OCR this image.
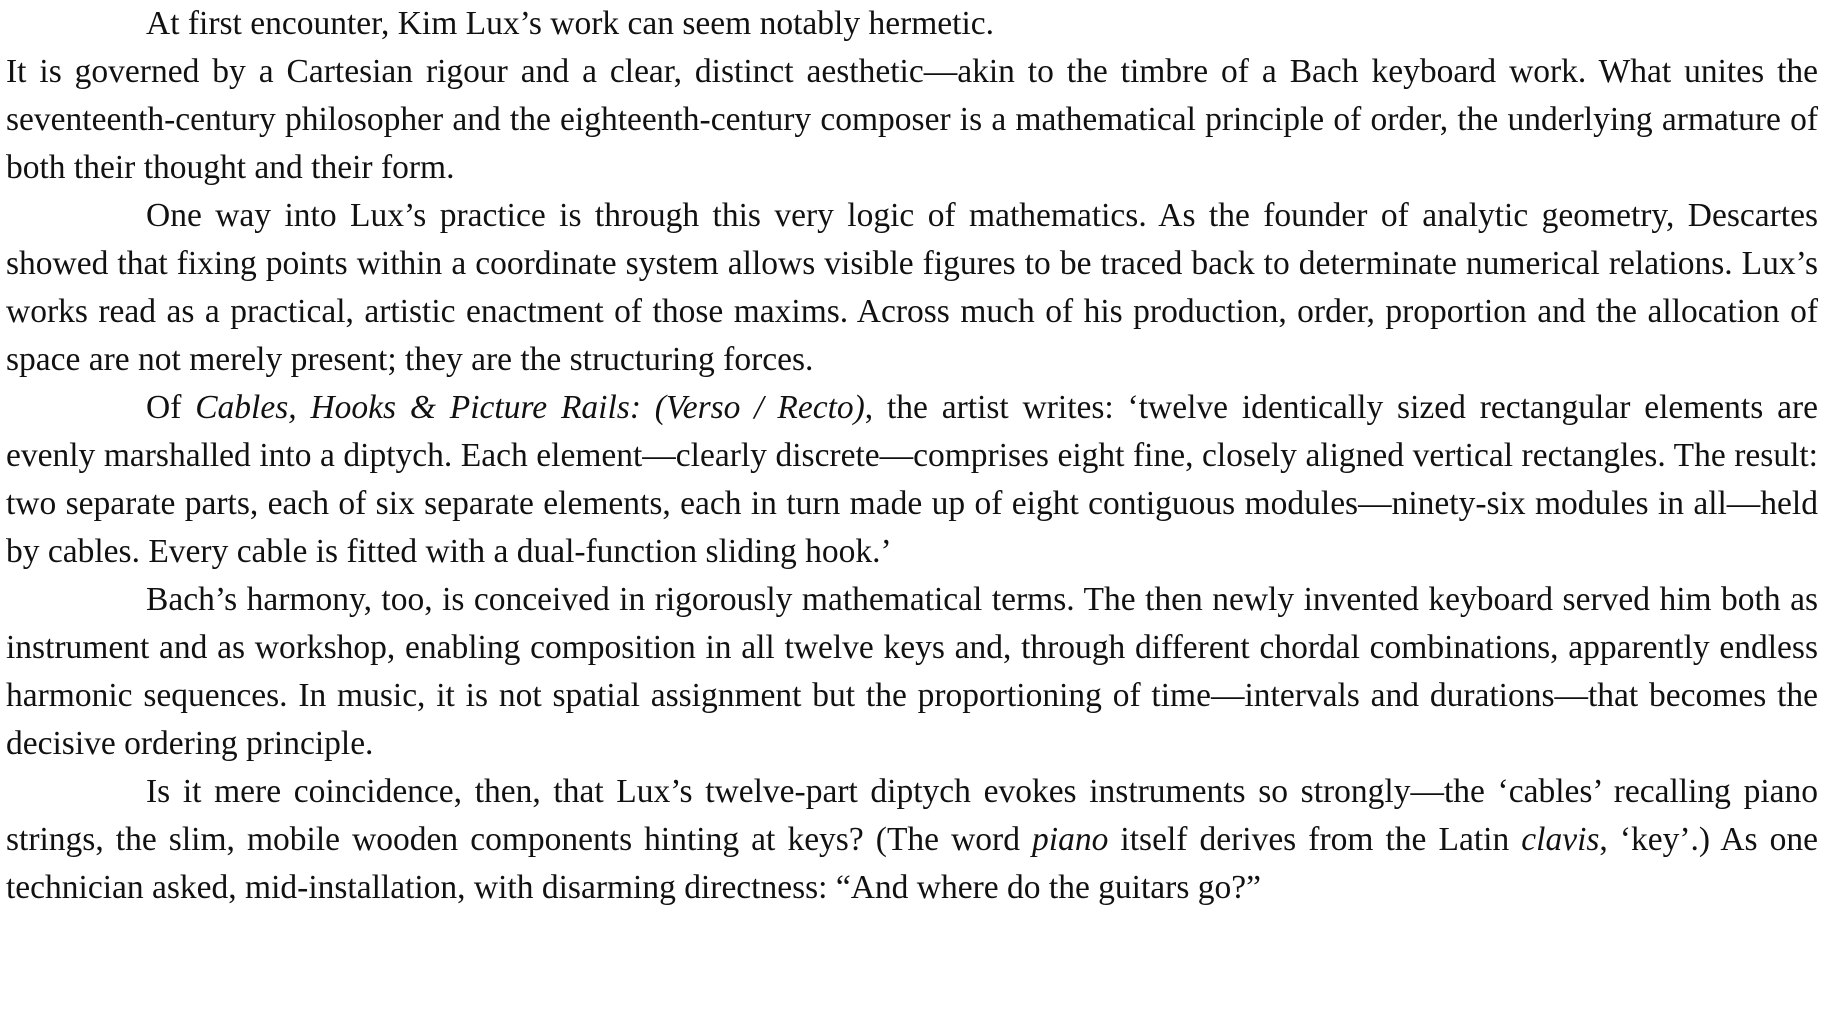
At first encounter, Kim Lux’s work can seem notably hermetic.

It is governed by a Cartesian rigour and a clear, distinct aesthetic—akin to the timbre of a Bach keyboard work. What unites the seventeenth-century philosopher and the eighteenth-century composer is a mathematical principle of order, the underlying armature of both their thought and their form.

One way into Lux’s practice is through this very logic of mathematics. As the founder of analytic geometry, Descartes showed that fixing points within a coordinate system allows visible figures to be traced back to determinate numerical relations. Lux’s works read as a practical, artistic enactment of those maxims. Across much of his production, order, proportion and the allocation of space are not merely present; they are the structuring forces.

Of Cables, Hooks & Picture Rails: (Verso / Recto), the artist writes: ‘twelve identically sized rectangular elements are evenly marshalled into a diptych. Each element—clearly discrete—comprises eight fine, closely aligned vertical rectangles. The result: two separate parts, each of six separate elements, each in turn made up of eight contiguous modules—ninety-six modules in all—held by cables. Every cable is fitted with a dual-function sliding hook.’

Bach’s harmony, too, is conceived in rigorously mathematical terms. The then newly invented keyboard served him both as instrument and as workshop, enabling composition in all twelve keys and, through different chordal combinations, apparently endless harmonic sequences. In music, it is not spatial assignment but the proportioning of time—intervals and durations—that becomes the decisive ordering principle.

Is it mere coincidence, then, that Lux’s twelve-part diptych evokes instruments so strongly—the ‘cables’ recalling piano strings, the slim, mobile wooden components hinting at keys? (The word piano itself derives from the Latin clavis, ‘key’.) As one technician asked, mid-installation, with disarming directness: “And where do the guitars go?”
